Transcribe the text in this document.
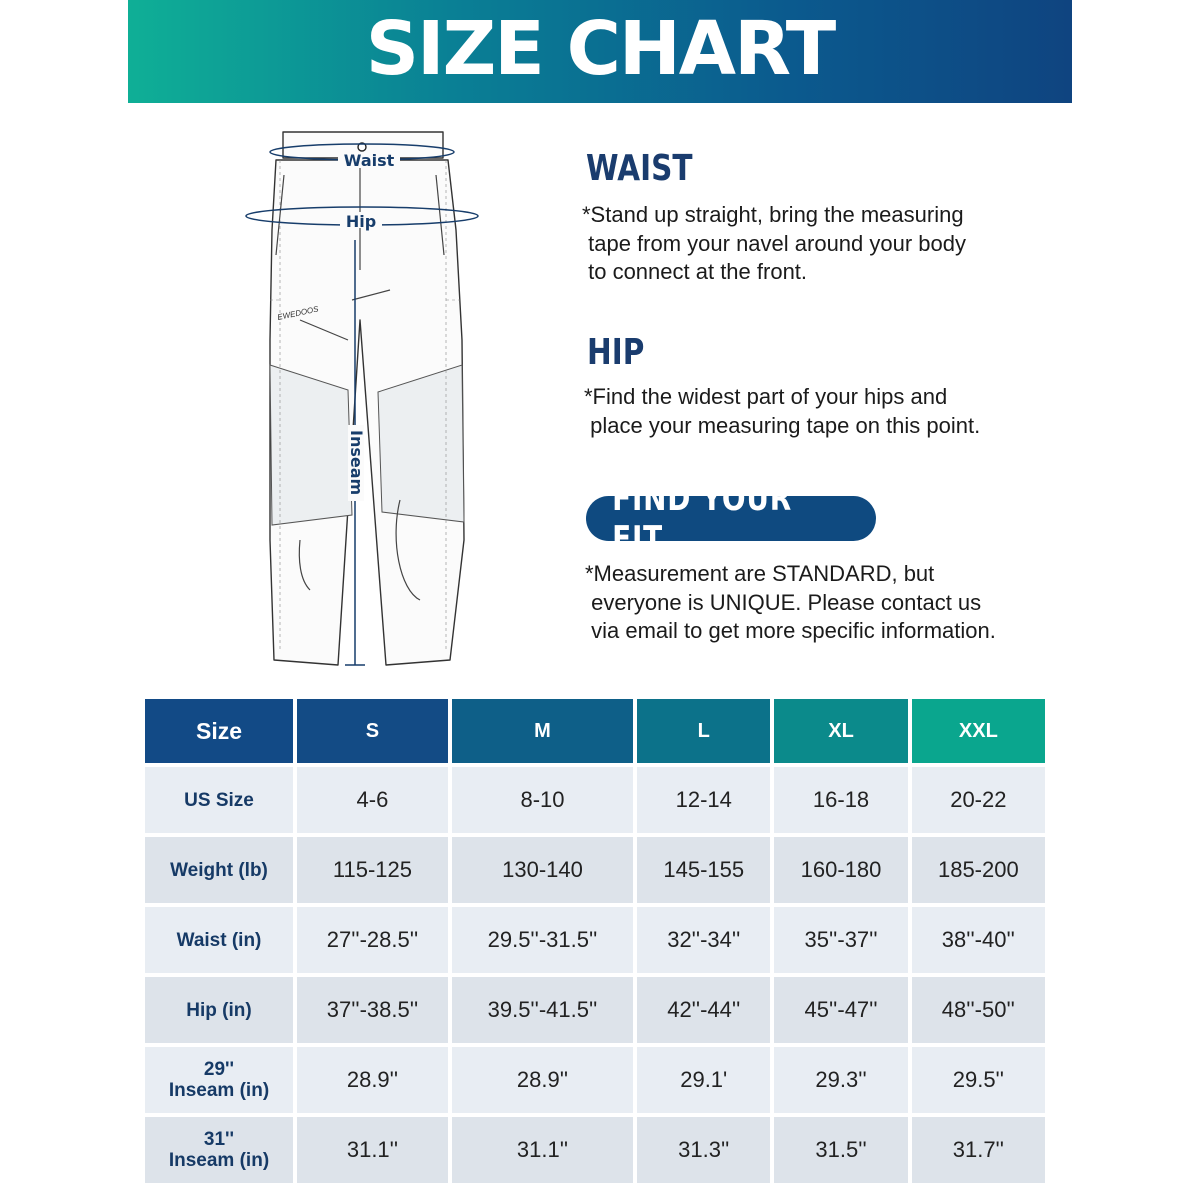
SIZE CHART
EWEDOOS
Waist
Hip
Inseam
WAIST
*Stand up straight, bring the measuring
tape from your navel around your body
to connect at the front.
HIP
*Find the widest part of your hips and
place your measuring tape on this point.
FIND YOUR FIT
*Measurement are STANDARD, but
everyone is UNIQUE. Please contact us
via email to get more specific information.
Size	S	M	L	XL	XXL
US Size	4-6	8-10	12-14	16-18	20-22
Weight (lb)	115-125	130-140	145-155	160-180	185-200
Waist (in)	27''-28.5''	29.5''-31.5''	32''-34''	35''-37''	38''-40''
Hip (in)	37''-38.5''	39.5''-41.5''	42''-44''	45''-47''	48''-50''

29''
Inseam (in)	28.9''	28.9''	29.1'	29.3''	29.5''

31''
Inseam (in)	31.1''	31.1''	31.3''	31.5''	31.7''
